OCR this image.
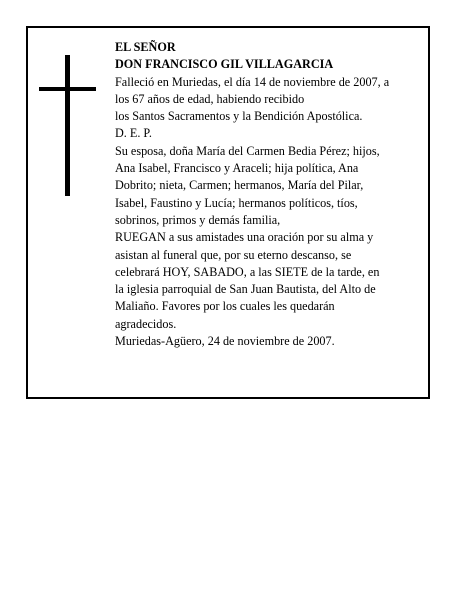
EL SEÑOR
DON FRANCISCO GIL VILLAGARCIA
Falleció en Muriedas, el día 14 de noviembre de 2007, a
los 67 años de edad, habiendo recibido
los Santos Sacramentos y la Bendición Apostólica.
D. E. P.
Su esposa, doña María del Carmen Bedia Pérez; hijos,
Ana Isabel, Francisco y Araceli; hija política, Ana
Dobrito; nieta, Carmen; hermanos, María del Pilar,
Isabel, Faustino y Lucía; hermanos políticos, tíos,
sobrinos, primos y demás familia,
RUEGAN a sus amistades una oración por su alma y
asistan al funeral que, por su eterno descanso, se
celebrará HOY, SABADO, a las SIETE de la tarde, en
la iglesia parroquial de San Juan Bautista, del Alto de
Maliaño. Favores por los cuales les quedarán
agradecidos.
Muriedas-Agüero, 24 de noviembre de 2007.
